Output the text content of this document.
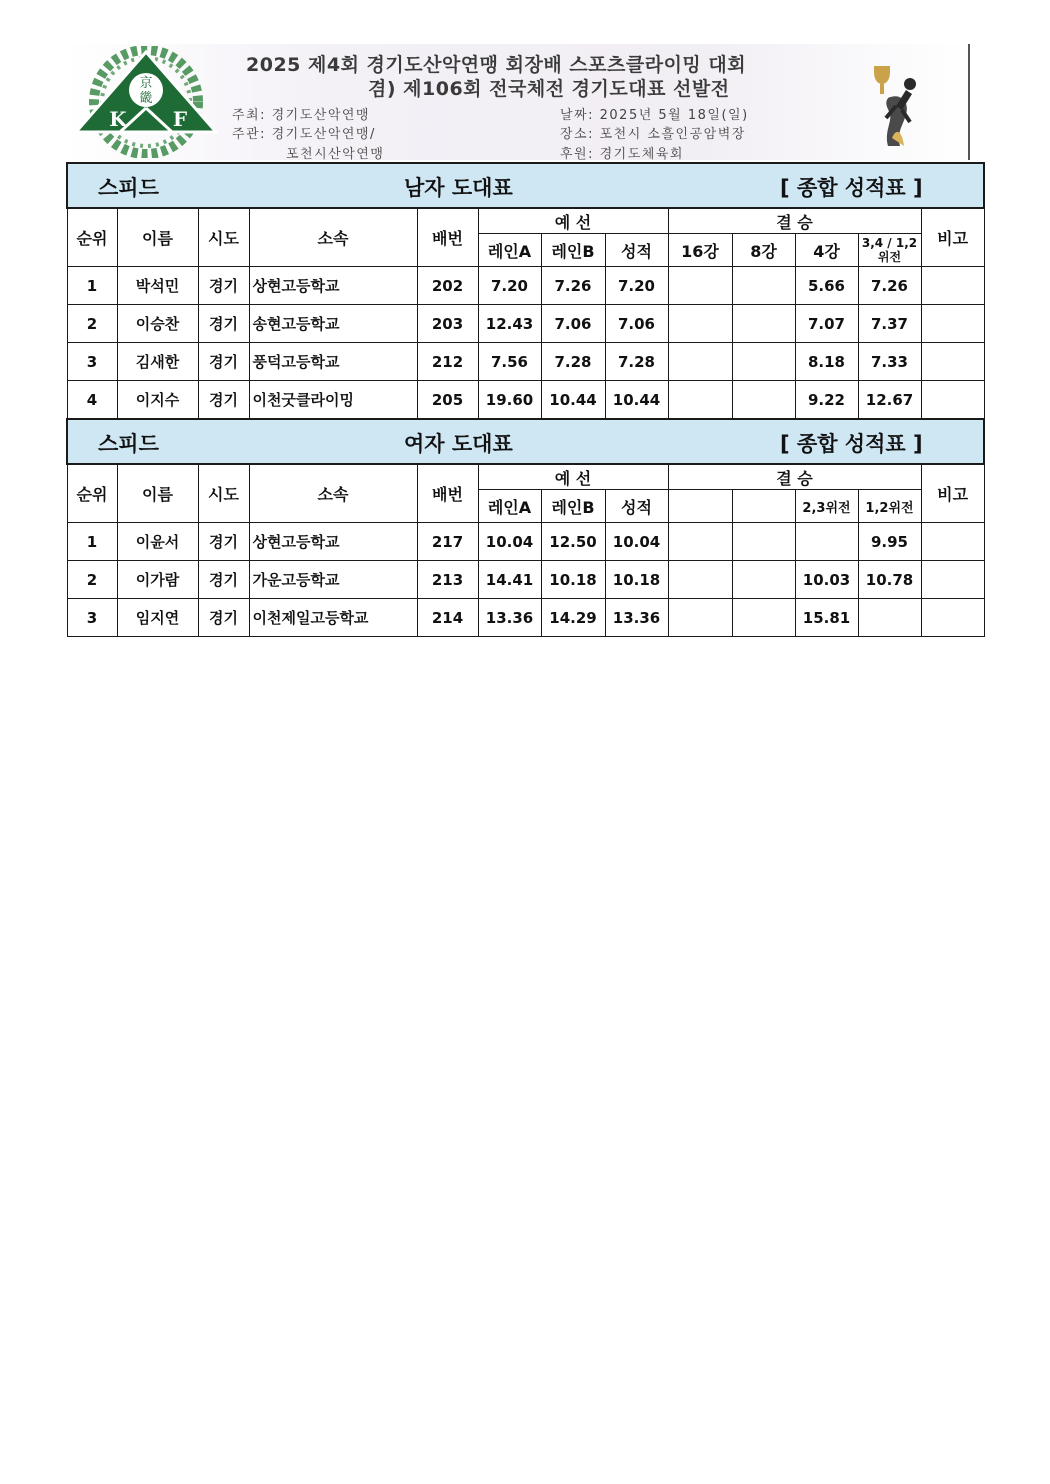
京
畿
K F
2025 제4회 경기도산악연맹 회장배 스포츠클라이밍 대회
겸) 제106회 전국체전 경기도대표 선발전
주최: 경기도산악연맹
주관: 경기도산악연맹/
포천시산악연맹
날짜: 2025년 5월 18일(일)
장소: 포천시 소흘인공암벽장
후원: 경기도체육회
스피드 남자 도대표 [ 종합 성적표 ]												

순위	이름	시도	소속	배번	예 선			결 승				비고
					레인A	레인B	성적	16강	8강	4강	3,4 / 1,2위전	
1	박석민	경기	상현고등학교	202	7.20	7.26	7.20			5.66	7.26	
2	이승찬	경기	송현고등학교	203	12.43	7.06	7.06			7.07	7.37	
3	김새한	경기	풍덕고등학교	212	7.56	7.28	7.28			8.18	7.33	
4	이지수	경기	이천굿클라이밍	205	19.60	10.44	10.44			9.22	12.67	
스피드 여자 도대표 [ 종합 성적표 ]												

순위	이름	시도	소속	배번	예 선			결 승				비고
					레인A	레인B	성적			2,3위전	1,2위전	
1	이윤서	경기	상현고등학교	217	10.04	12.50	10.04				9.95	
2	이가람	경기	가운고등학교	213	14.41	10.18	10.18			10.03	10.78	
3	임지연	경기	이천제일고등학교	214	13.36	14.29	13.36			15.81		
